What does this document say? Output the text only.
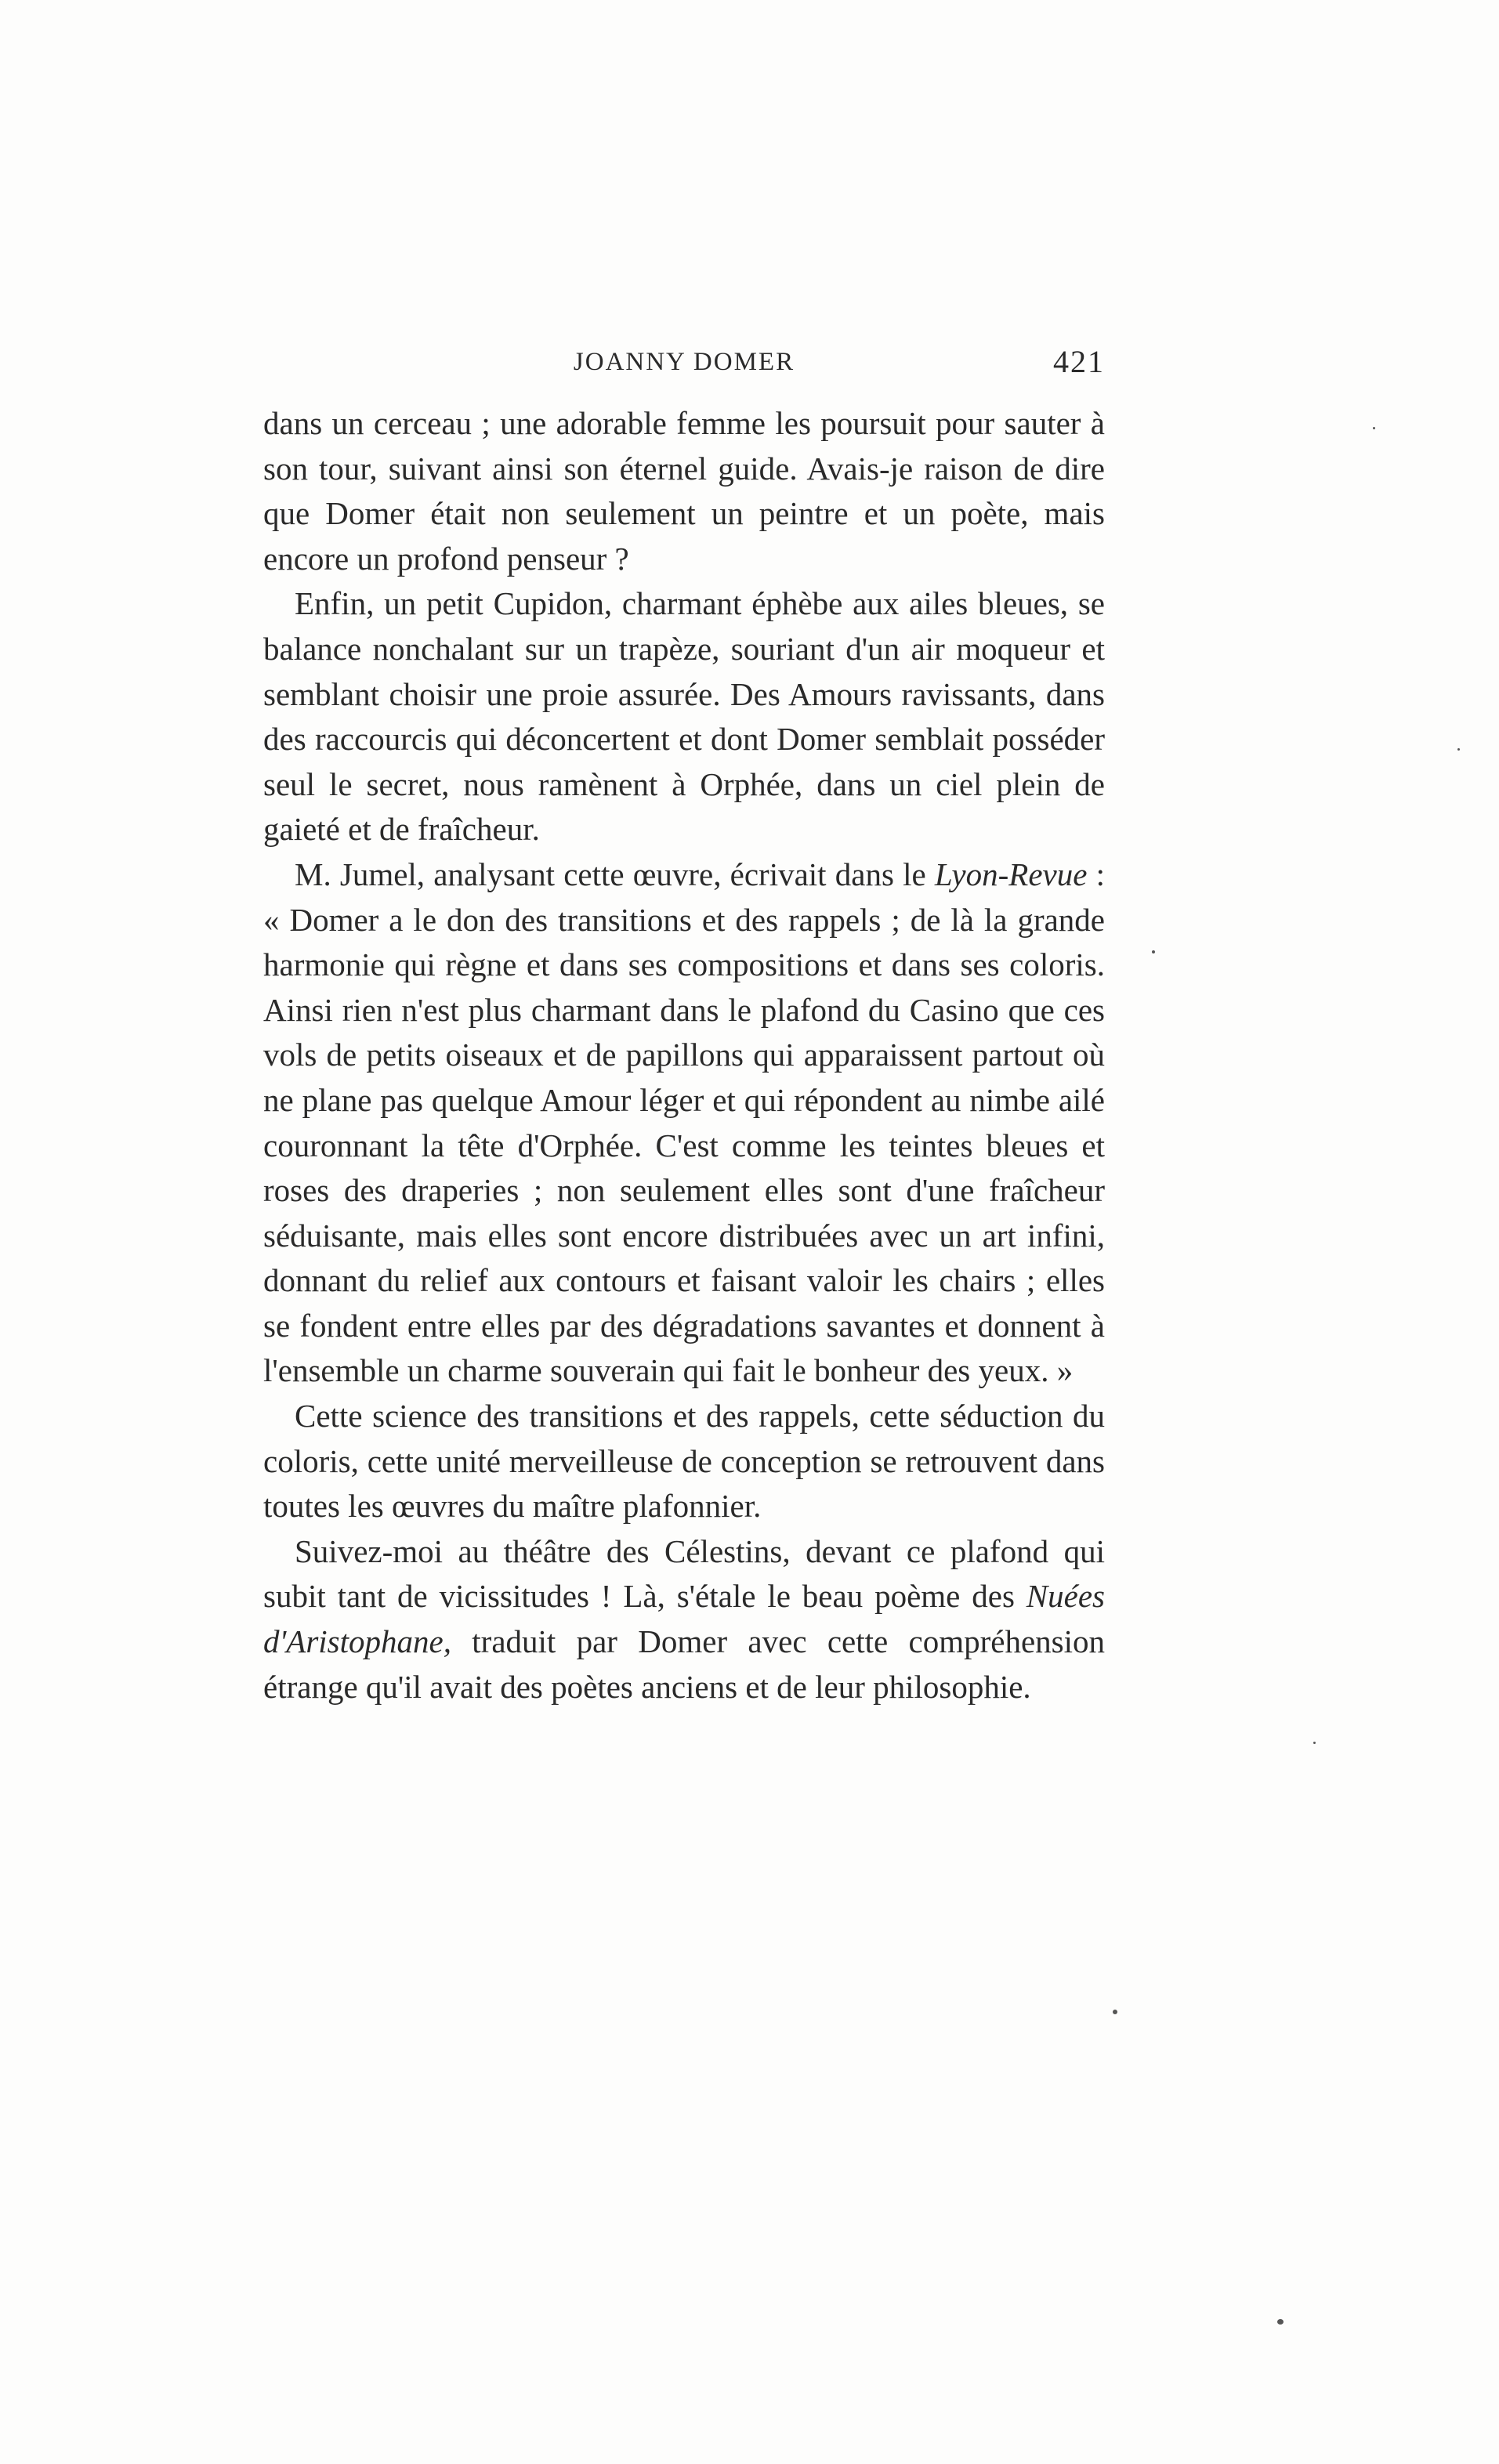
JOANNY DOMER	421

dans un cerceau ; une adorable femme les poursuit pour sauter à son tour, suivant ainsi son éternel guide. Avais-je raison de dire que Domer était non seulement un peintre et un poète, mais encore un profond penseur ?

Enfin, un petit Cupidon, charmant éphèbe aux ailes bleues, se balance nonchalant sur un trapèze, souriant d'un air moqueur et semblant choisir une proie assurée. Des Amours ravissants, dans des raccourcis qui déconcertent et dont Domer semblait posséder seul le secret, nous ramènent à Orphée, dans un ciel plein de gaieté et de fraîcheur.

M. Jumel, analysant cette œuvre, écrivait dans le Lyon-Revue : « Domer a le don des transitions et des rappels ; de là la grande harmonie qui règne et dans ses compositions et dans ses coloris. Ainsi rien n'est plus charmant dans le plafond du Casino que ces vols de petits oiseaux et de papillons qui apparaissent partout où ne plane pas quelque Amour léger et qui répondent au nimbe ailé couronnant la tête d'Orphée. C'est comme les teintes bleues et roses des draperies ; non seulement elles sont d'une fraîcheur séduisante, mais elles sont encore distribuées avec un art infini, donnant du relief aux contours et faisant valoir les chairs ; elles se fondent entre elles par des dégradations savantes et donnent à l'ensemble un charme souverain qui fait le bonheur des yeux. »

Cette science des transitions et des rappels, cette séduction du coloris, cette unité merveilleuse de conception se retrouvent dans toutes les œuvres du maître plafonnier.

Suivez-moi au théâtre des Célestins, devant ce plafond qui subit tant de vicissitudes ! Là, s'étale le beau poème des Nuées d'Aristophane, traduit par Domer avec cette compréhension étrange qu'il avait des poètes anciens et de leur philosophie.
